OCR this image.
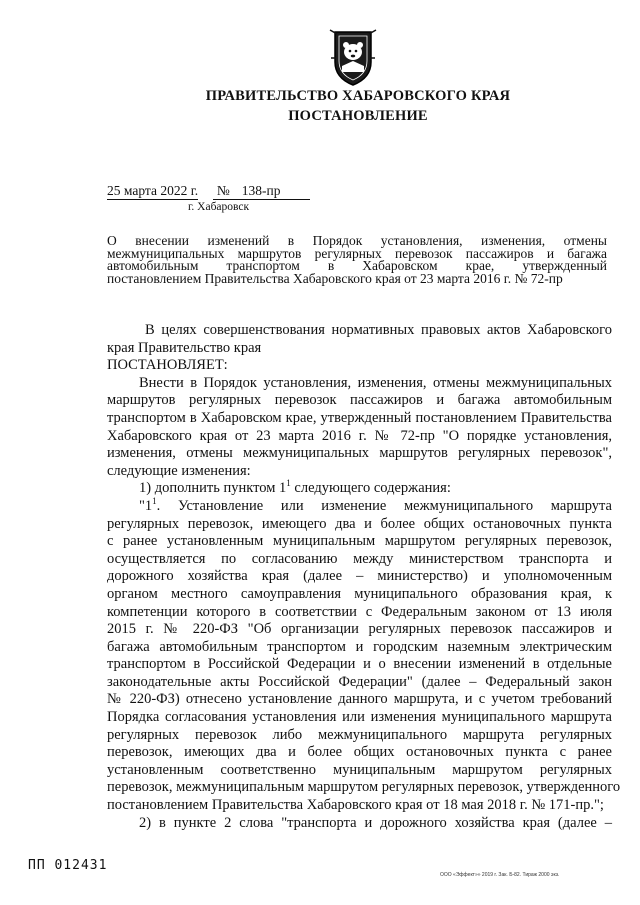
ПРАВИТЕЛЬСТВО ХАБАРОВСКОГО КРАЯ
ПОСТАНОВЛЕНИЕ
25 марта 2022 г. № 138-пр
г. Хабаровск
О внесении изменений в Порядок установления, изменения, отмены
межмуниципальных маршрутов регулярных перевозок пассажиров и багажа
автомобильным транспортом в Хабаровском крае, утвержденный
постановлением Правительства Хабаровского края от 23 марта 2016 г. № 72-пр
В целях совершенствования нормативных правовых актов Хабаровского
края Правительство края
ПОСТАНОВЛЯЕТ:
Внести в Порядок установления, изменения, отмены межмуниципальных
маршрутов регулярных перевозок пассажиров и багажа автомобильным
транспортом в Хабаровском крае, утвержденный постановлением Правительства
Хабаровского края от 23 марта 2016 г. № 72-пр "О порядке установления,
изменения, отмены межмуниципальных маршрутов регулярных перевозок",
следующие изменения:
1) дополнить пунктом $1^1$ следующего содержания:
"$1^1$. Установление или изменение межмуниципального маршрута
регулярных перевозок, имеющего два и более общих остановочных пункта
с ранее установленным муниципальным маршрутом регулярных перевозок,
осуществляется по согласованию между министерством транспорта и
дорожного хозяйства края (далее – министерство) и уполномоченным
органом местного самоуправления муниципального образования края, к
компетенции которого в соответствии с Федеральным законом от 13 июля
2015 г. № 220-ФЗ "Об организации регулярных перевозок пассажиров и
багажа автомобильным транспортом и городским наземным электрическим
транспортом в Российской Федерации и о внесении изменений в отдельные
законодательные акты Российской Федерации" (далее – Федеральный закон
№ 220-ФЗ) отнесено установление данного маршрута, и с учетом требований
Порядка согласования установления или изменения муниципального маршрута
регулярных перевозок либо межмуниципального маршрута регулярных
перевозок, имеющих два и более общих остановочных пункта с ранее
установленным соответственно муниципальным маршрутом регулярных
перевозок, межмуниципальным маршрутом регулярных перевозок, утвержденного
постановлением Правительства Хабаровского края от 18 мая 2018 г. № 171-пр.";
2) в пункте 2 слова "транспорта и дорожного хозяйства края (далее –
ПП 012431
ООО «Эффект»» 2019 г. Зак. Б-82. Тираж 2000 экз.
